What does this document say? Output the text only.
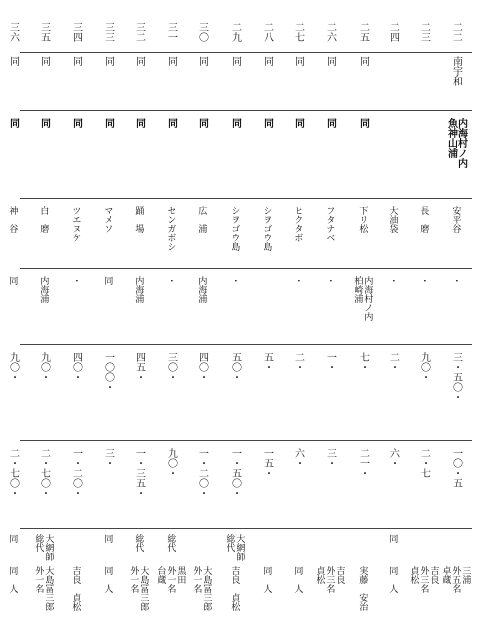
二二
南宇和
内海村ノ内
魚神山浦
安平谷
・
三・五〇・
一〇・五
三浦
外五名
卓蔵
二三
長　磨
・
九〇・
二・七
吉良
外三名
貞松
二四
大油袋
・
二・
六・
同
同　人
二五
同
同
下リ松
内海村ノ内
柏崎浦
七・
二一・
実藤　安治
二六
同
同
フタナベ
・
一・
三・
吉良
外三名
貞松
二七
同
同
ヒクタボ
・
二・
六・
同　人
二八
同
同
シヲゴウ島
五・
一五・
同　人
二九
同
同
シヲゴウ島
・
五〇・
一・五〇・
大網師
総代
吉良　貞松
三〇
同
同
広　浦
内海浦
四〇・
一・二〇・
大島冨三郎
外一名
三一
同
同
センガボシ
・
三〇・
九〇・
総代
黒田
外一名
台蔵
三二
同
同
踊　場
内海浦
四五・
一・三五・
総代
大島冨三郎
外一名
三三
同
同
マメソ
同
一〇〇・
三・
同
同　人
三四
同
同
ツエヌケ
・
四〇・
一・二〇・
吉良　貞松
三五
同
同
白　磨
内海浦
九〇・
二・七〇・
大網師
総代
大島冨三郎
外一名
三六
同
同
神　谷
同
九〇・
二・七〇・
同
同　人
